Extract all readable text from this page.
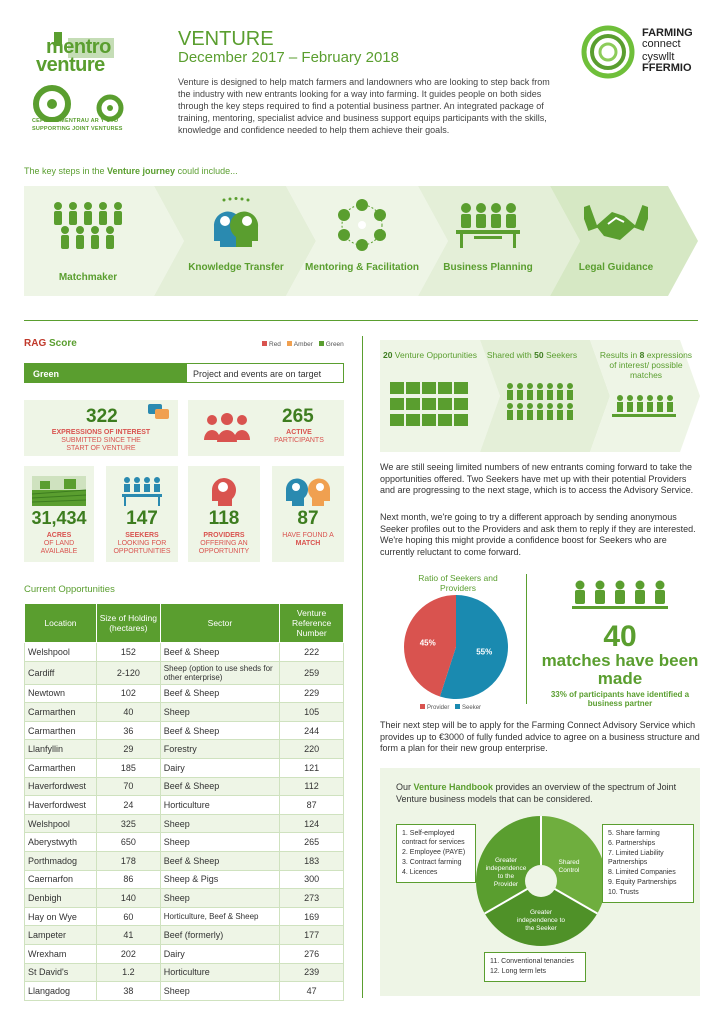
mentro
venture
CEFNOGI MENTRAU AR Y CYD
SUPPORTING JOINT VENTURES
VENTURE
December 2017 – February 2018
Venture is designed to help match farmers and landowners who are looking to step back from the industry with new entrants looking for a way into farming. It guides people on both sides through the key steps required to find a potential business partner. An integrated package of training, mentoring, specialist advice and business support equips participants with the skills, knowledge and confidence needed to help them achieve their goals.
FARMING
connect
cyswllt
FFERMIO
The key steps in the Venture journey could include...
Matchmaker
Knowledge Transfer	Mentoring & Facilitation	Business Planning	Legal Guidance
RAG Score	Red Amber Green
Green	Project and events are on target
322
EXPRESSIONS OF INTEREST
SUBMITTED SINCE THE START OF VENTURE
265
ACTIVE
PARTICIPANTS
31,434
ACRES
OF LAND AVAILABLE
147
SEEKERS
LOOKING FOR OPPORTUNITIES
118
PROVIDERS
OFFERING AN OPPORTUNITY
87
HAVE FOUND A
MATCH
Current Opportunities
Location	Size of Holding (hectares)	Sector	Venture Reference Number
Welshpool	152	Beef & Sheep	222
Cardiff	2-120	Sheep (option to use sheds for other enterprise)	259
Newtown	102	Beef & Sheep	229
Carmarthen	40	Sheep	105
Carmarthen	36	Beef & Sheep	244
Llanfyllin	29	Forestry	220
Carmarthen	185	Dairy	121
Haverfordwest	70	Beef & Sheep	112
Haverfordwest	24	Horticulture	87
Welshpool	325	Sheep	124
Aberystwyth	650	Sheep	265
Porthmadog	178	Beef & Sheep	183
Caernarfon	86	Sheep & Pigs	300
Denbigh	140	Sheep	273
Hay on Wye	60	Horticulture, Beef & Sheep	169
Lampeter	41	Beef (formerly)	177
Wrexham	202	Dairy	276
St David's	1.2	Horticulture	239
Llangadog	38	Sheep	47
20 Venture Opportunities	Shared with 50 Seekers	Results in 8 expressions of interest/ possible matches
We are still seeing limited numbers of new entrants coming forward to take the opportunities offered. Two Seekers have met up with their potential Providers and are progressing to the next stage, which is to access the Advisory Service.
Next month, we're going to try a different approach by sending anonymous Seeker profiles out to the Providers and ask them to reply if they are interested. We're hoping this might provide a confidence boost for Seekers who are currently reluctant to come forward.
Ratio of Seekers and Providers
55%
45%
Provider Seeker
40
matches have been made
33% of participants have identified a business partner
Their next step will be to apply for the Farming Connect Advisory Service which provides up to €3000 of fully funded advice to agree on a business structure and form a plan for their new group enterprise.
Our Venture Handbook provides an overview of the spectrum of Joint Venture business models that can be considered.
Greater independence to the Provider
Shared Control
Greater independence to the Seeker
1. Self-employed contract for services
2. Employee (PAYE)
3. Contract farming
4. Licences
5. Share farming
6. Partnerships
7. Limited Liability Partnerships
8. Limited Companies
9. Equity Partnerships
10. Trusts
11. Conventional tenancies
12. Long term lets
